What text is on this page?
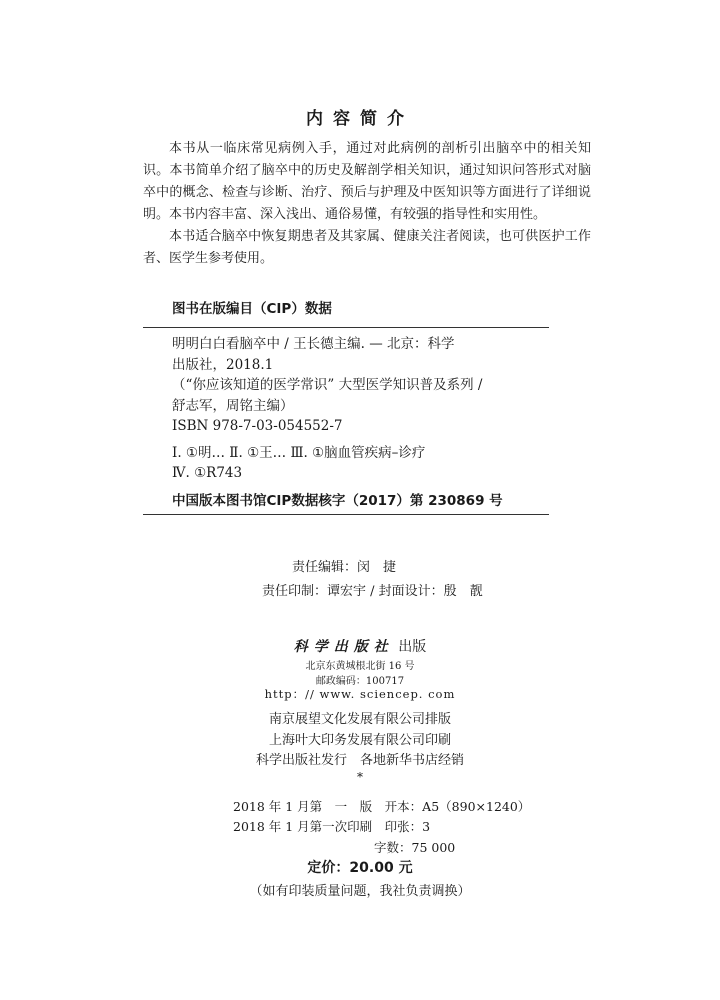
内容简介

本书从一临床常见病例入手，通过对此病例的剖析引出脑卒中的相关知识。本书简单介绍了脑卒中的历史及解剖学相关知识，通过知识问答形式对脑卒中的概念、检查与诊断、治疗、预后与护理及中医知识等方面进行了详细说明。本书内容丰富、深入浅出、通俗易懂，有较强的指导性和实用性。

本书适合脑卒中恢复期患者及其家属、健康关注者阅读，也可供医护工作者、医学生参考使用。

图书在版编目（CIP）数据
明明白白看脑卒中 / 王长德主编. — 北京：科学
出版社，2018.1
（“你应该知道的医学常识” 大型医学知识普及系列 /
舒志军，周铭主编）
ISBN 978-7-03-054552-7
Ⅰ. ①明… Ⅱ. ①王… Ⅲ. ①脑血管疾病–诊疗
Ⅳ. ①R743
中国版本图书馆CIP数据核字（2017）第 230869 号
责任编辑：闵　捷
责任印制：谭宏宇 / 封面设计：殷　靓
科学出版社 出版
北京东黄城根北街 16 号
邮政编码：100717
http：// www. sciencep. com
南京展望文化发展有限公司排版
上海叶大印务发展有限公司印刷
科学出版社发行　各地新华书店经销
*
2018 年 1 月第　一　版　开本：A5（890×1240）
2018 年 1 月第一次印刷　印张：3
字数：75 000
定价：20.00 元
（如有印装质量问题，我社负责调换）
